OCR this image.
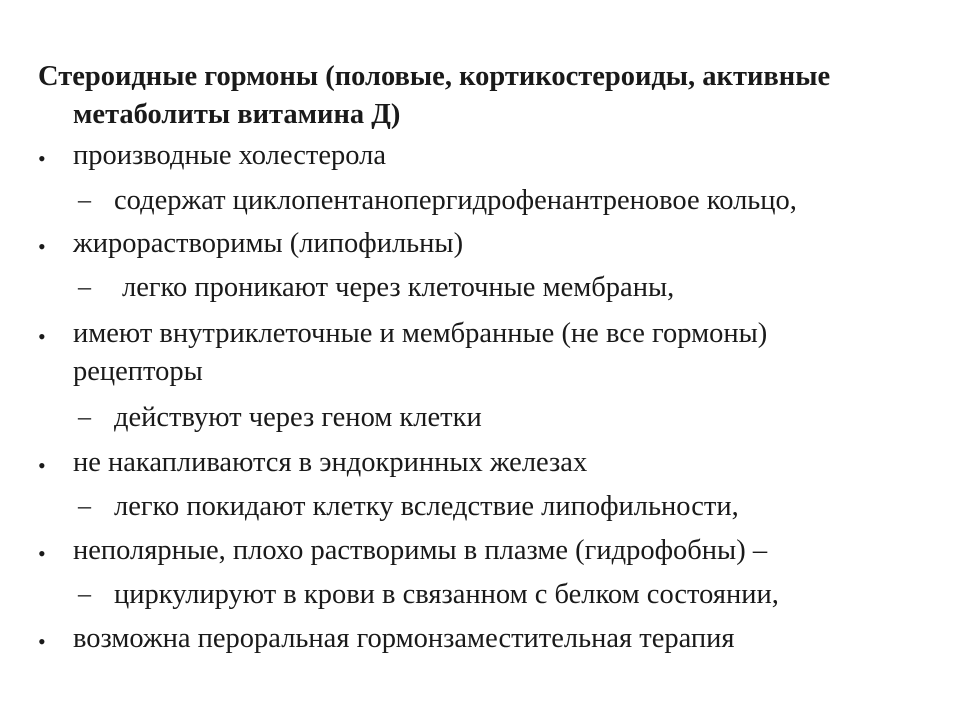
Стероидные гормоны (половые, кортикостероиды, активные
метаболиты витамина Д)
• производные холестерола
– содержат циклопентанопергидрофенантреновое кольцо,
• жирорастворимы (липофильны)
– легко проникают через клеточные мембраны,
• имеют внутриклеточные и мембранные (не все гормоны)
рецепторы
– действуют через геном клетки
• не накапливаются в эндокринных железах
– легко покидают клетку вследствие липофильности,
• неполярные, плохо растворимы в плазме (гидрофобны) –
– циркулируют в крови в связанном с белком состоянии,
• возможна пероральная гормонзаместительная терапия
